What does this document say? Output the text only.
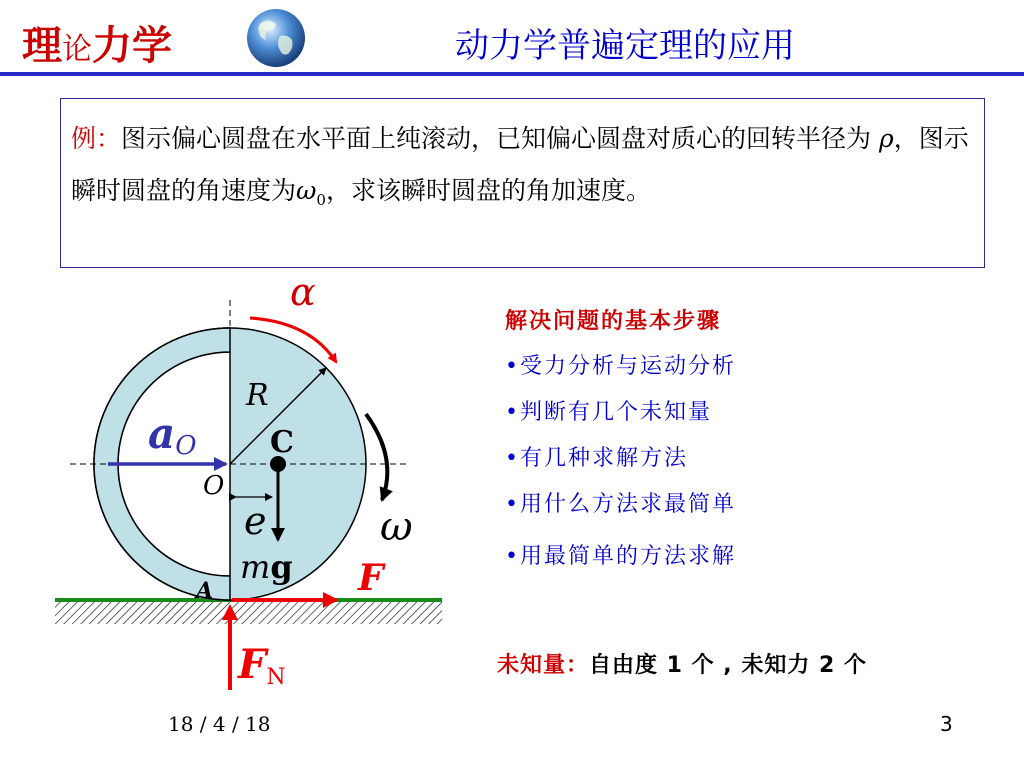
理 论 力学	动力学普遍定理的应用
例：图示偏心圆盘在水平面上纯滚动，已知偏心圆盘对质心的回转半径为 ρ，图示瞬时圆盘的角速度为$\omega_0$，求该瞬时圆盘的角加速度。
R
C
mg
e
O
aO
α
ω
F
FN
A
解决问题的基本步骤
•受力分析与运动分析
•判断有几个未知量
•有几种求解方法
•用什么方法求最简单
•用最简单的方法求解
未知量：自由度 1 个 , 未知力 2 个
18 / 4 / 18	3
